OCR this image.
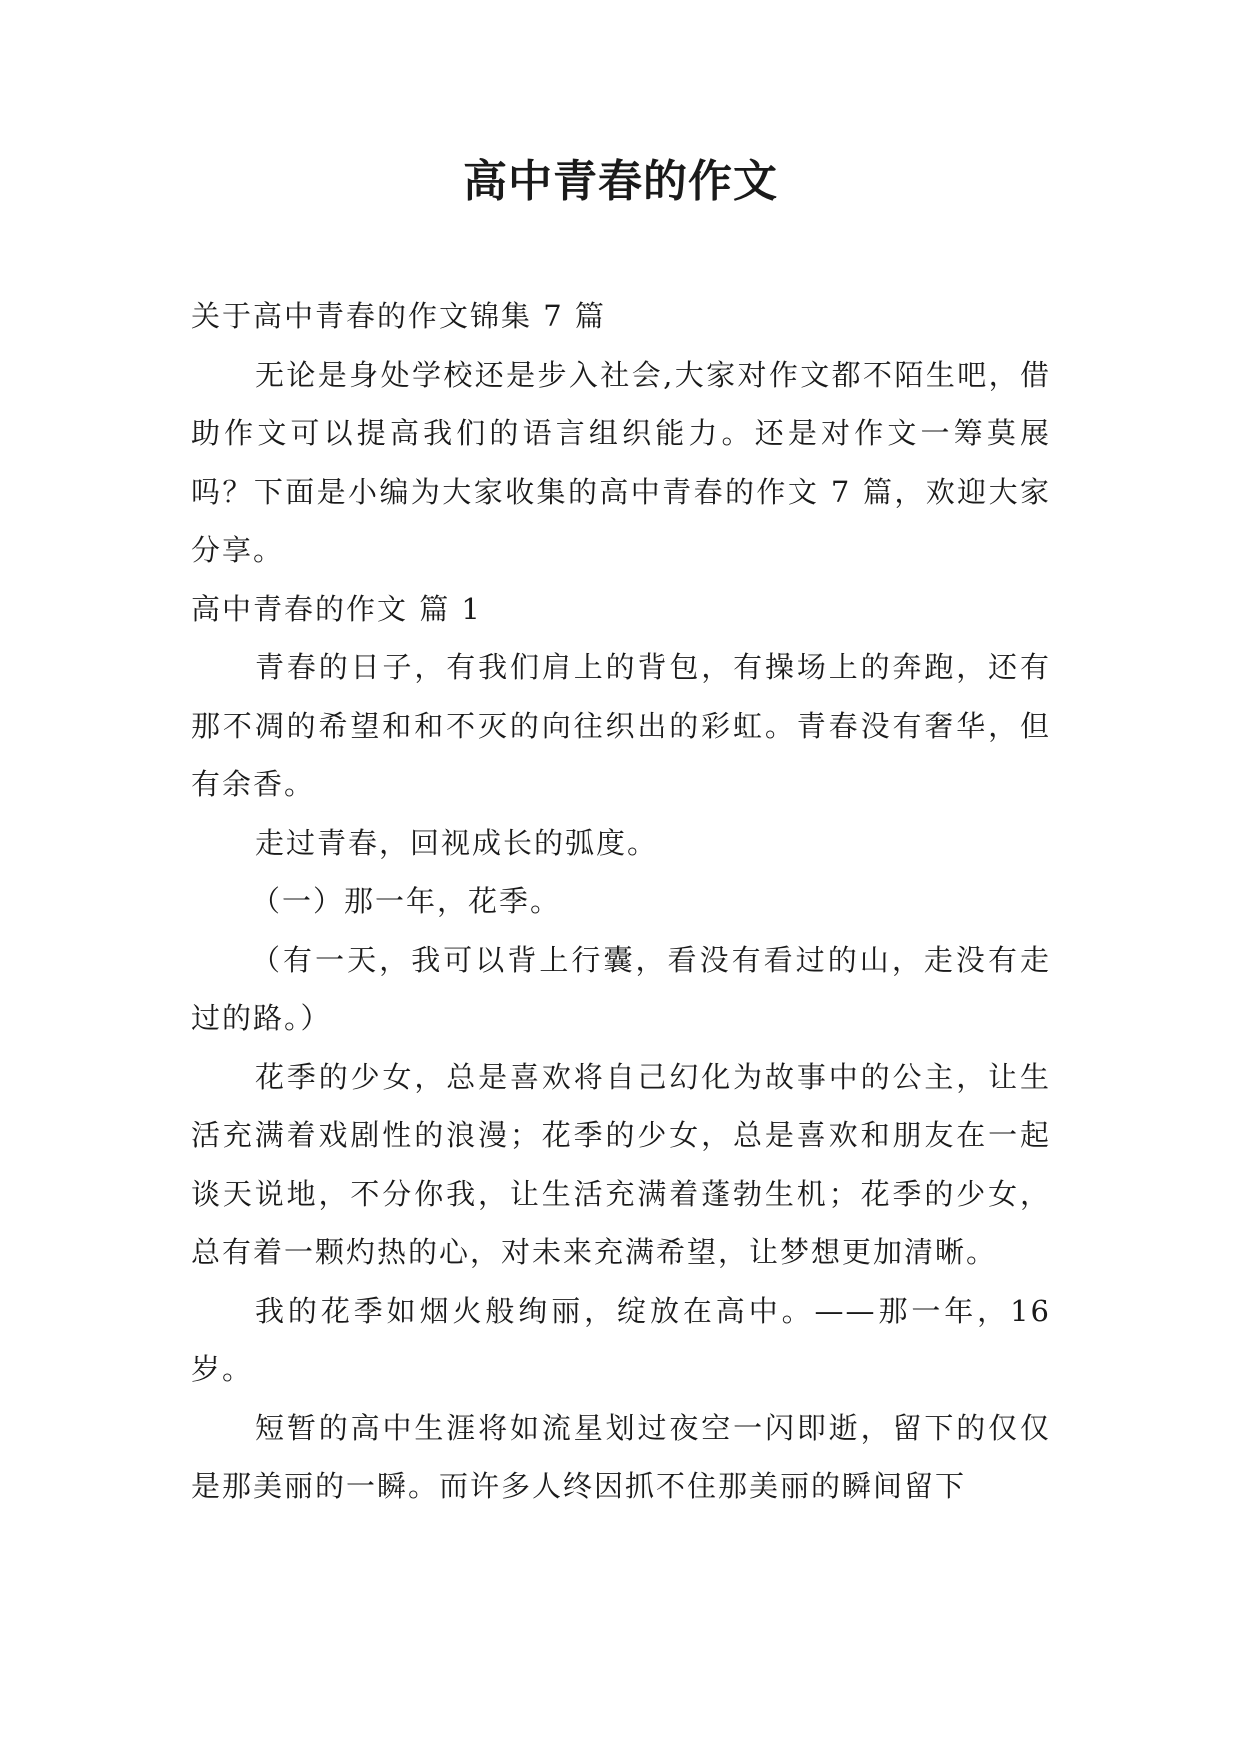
高中青春的作文

关于高中青春的作文锦集 7 篇

无论是身处学校还是步入社会,大家对作文都不陌生吧，借助作文可以提高我们的语言组织能力。还是对作文一筹莫展吗？下面是小编为大家收集的高中青春的作文 7 篇，欢迎大家分享。

高中青春的作文 篇 1

青春的日子，有我们肩上的背包，有操场上的奔跑，还有那不凋的希望和和不灭的向往织出的彩虹。青春没有奢华，但有余香。

走过青春，回视成长的弧度。

（一）那一年，花季。

（有一天，我可以背上行囊，看没有看过的山，走没有走过的路。）

花季的少女，总是喜欢将自己幻化为故事中的公主，让生活充满着戏剧性的浪漫；花季的少女，总是喜欢和朋友在一起谈天说地，不分你我，让生活充满着蓬勃生机；花季的少女，总有着一颗灼热的心，对未来充满希望，让梦想更加清晰。

我的花季如烟火般绚丽，绽放在高中。——那一年，16 岁。

短暂的高中生涯将如流星划过夜空一闪即逝，留下的仅仅是那美丽的一瞬。而许多人终因抓不住那美丽的瞬间留下
